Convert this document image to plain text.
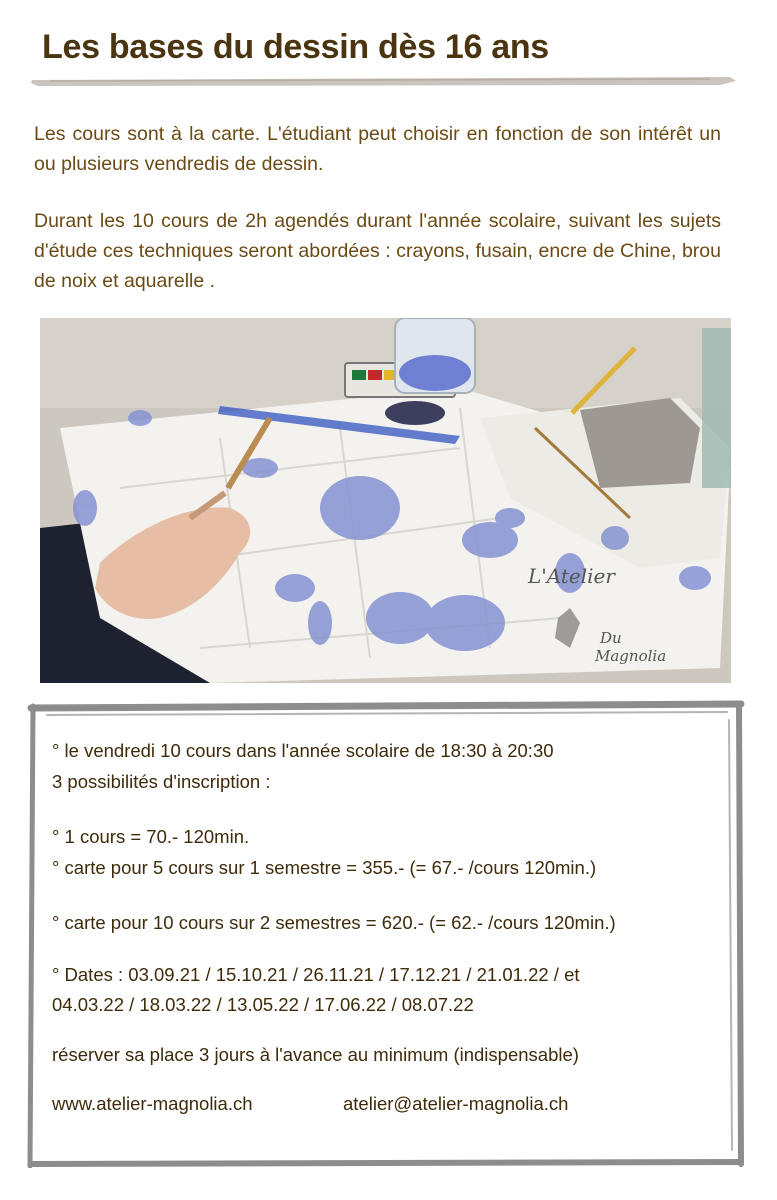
Les bases du dessin dès 16 ans

Les cours sont à la carte. L'étudiant peut choisir en fonction de son intérêt un ou plusieurs vendredis de dessin.

Durant les 10 cours de 2h agendés durant l'année scolaire, suivant les sujets d'étude ces techniques seront abordées : crayons, fusain, encre de Chine, brou de noix et aquarelle .

L'Atelier
Du
Magnolia
° le vendredi 10 cours dans l'année scolaire de 18:30 à 20:30
3 possibilités d'inscription :
° 1 cours = 70.- 120min.
° carte pour 5 cours sur 1 semestre = 355.- (= 67.- /cours 120min.)
° carte pour 10 cours sur 2 semestres = 620.- (= 62.- /cours 120min.)
° Dates : 03.09.21 / 15.10.21 / 26.11.21 / 17.12.21 / 21.01.22 / et
04.03.22 / 18.03.22 / 13.05.22 / 17.06.22 / 08.07.22
réserver sa place 3 jours à l'avance au minimum (indispensable)
www.atelier-magnolia.ch	atelier@atelier-magnolia.ch
